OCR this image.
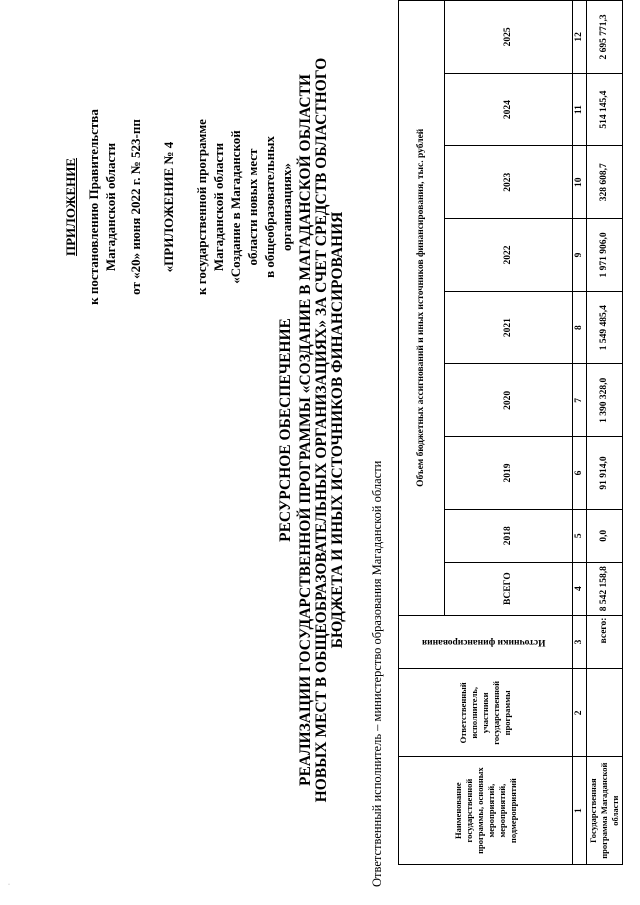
ПРИЛОЖЕНИЕ к постановлению Правительства Магаданской области от «20» июня 2022 г. № 523-пп «ПРИЛОЖЕНИЕ № 4 к государственной программе Магаданской области «Создание в Магаданской области новых мест в общеобразовательных организациях»
РЕСУРСНОЕ ОБЕСПЕЧЕНИЕ РЕАЛИЗАЦИИ ГОСУДАРСТВЕННОЙ ПРОГРАММЫ «СОЗДАНИЕ В МАГАДАНСКОЙ ОБЛАСТИ НОВЫХ МЕСТ В ОБЩЕОБРАЗОВАТЕЛЬНЫХ ОРГАНИЗАЦИЯХ» ЗА СЧЕТ СРЕДСТВ ОБЛАСТНОГО БЮДЖЕТА И ИНЫХ ИСТОЧНИКОВ ФИНАНСИРОВАНИЯ
Ответственный исполнитель – министерство образования Магаданской области	Наименование государственной программы, основных мероприятий, мероприятий, подмероприятий	Ответственный исполнитель, участники государственной программы	Источники финансирования	Объем бюджетных ассигнований и иных источников финансирования, тыс. рублей								
			ВСЕГО	2018	2019	2020	2021	2022	2023	2024	2025
1	2	3	4	5	6	7	8	9	10	11	12
Государственная программа Магаданской области		всего:	8 542 158,8	0,0	91 914,0	1 390 328,0	1 549 485,4	1 971 906,0	328 608,7	514 145,4	2 695 771,3
·
